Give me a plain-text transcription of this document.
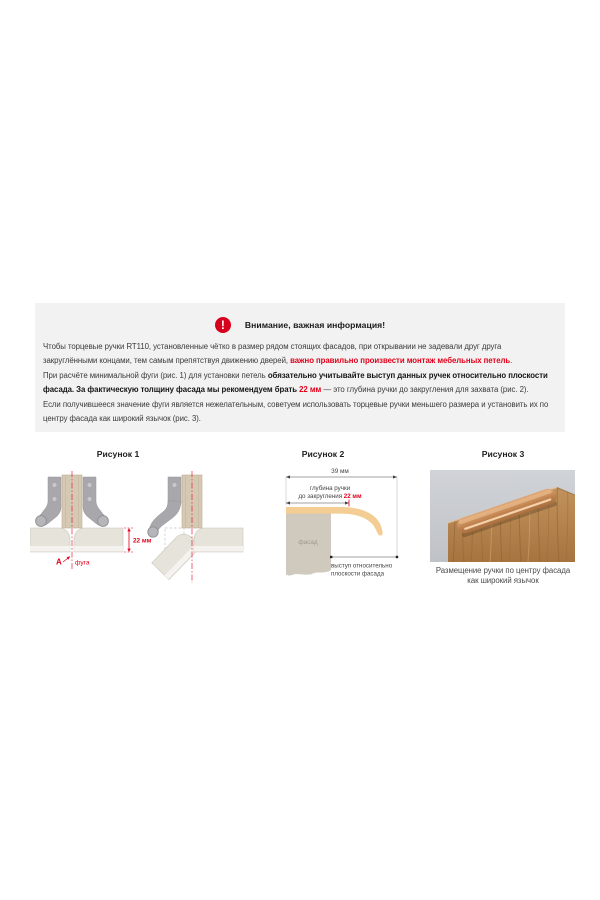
!	Внимание, важная информация!

Чтобы торцевые ручки RT110, установленные чётко в размер рядом стоящих фасадов, при открывании не задевали друг друга закруглёнными концами, тем самым препятствуя движению дверей, важно правильно произвести монтаж мебельных петель.

При расчёте минимальной фуги (рис. 1) для установки петель обязательно учитывайте выступ данных ручек относительно плоскости фасада. За фактическую толщину фасада мы рекомендуем брать 22 мм — это глубина ручки до закругления для захвата (рис. 2).

Если получившееся значение фуги является нежелательным, советуем использовать торцевые ручки меньшего размера и установить их по центру фасада как широкий язычок (рис. 3).

Рисунок 1	Рисунок 2	Рисунок 3
22 мм
А фуга
39 мм
глубина ручки
до закругления 22 мм
фасад
выступ относительно
плоскости фасада	Размещение ручки по центру фасада
как широкий язычок
